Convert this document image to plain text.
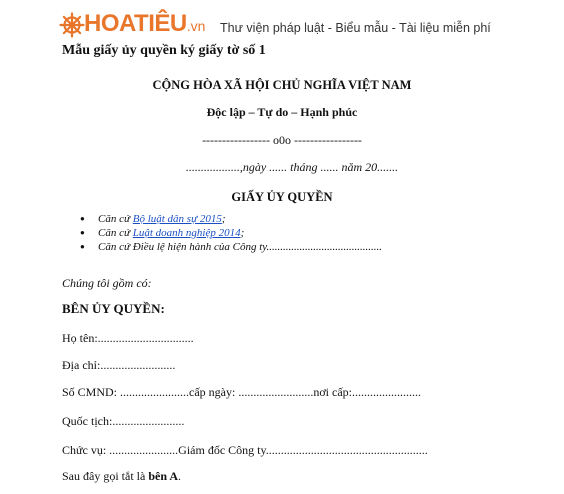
HOATIÊU.vn Thư viện pháp luật - Biểu mẫu - Tài liệu miễn phí
Mẫu giấy ủy quyền ký giấy tờ số 1
CỘNG HÒA XÃ HỘI CHỦ NGHĨA VIỆT NAM
Độc lập – Tự do – Hạnh phúc
----------------- o0o -----------------
..................,ngày ...... tháng ...... năm 20.......
GIẤY ỦY QUYỀN
● Căn cứ Bộ luật dân sự 2015;
● Căn cứ Luật doanh nghiệp 2014;
● Căn cứ Điều lệ hiện hành của Công ty..........................................
Chúng tôi gồm có:
BÊN ỦY QUYỀN:
Họ tên:................................
Địa chỉ:.........................
Số CMND: .......................cấp ngày: .........................nơi cấp:.......................
Quốc tịch:........................
Chức vụ: .......................Giám đốc Công ty......................................................
Sau đây gọi tắt là bên A.
